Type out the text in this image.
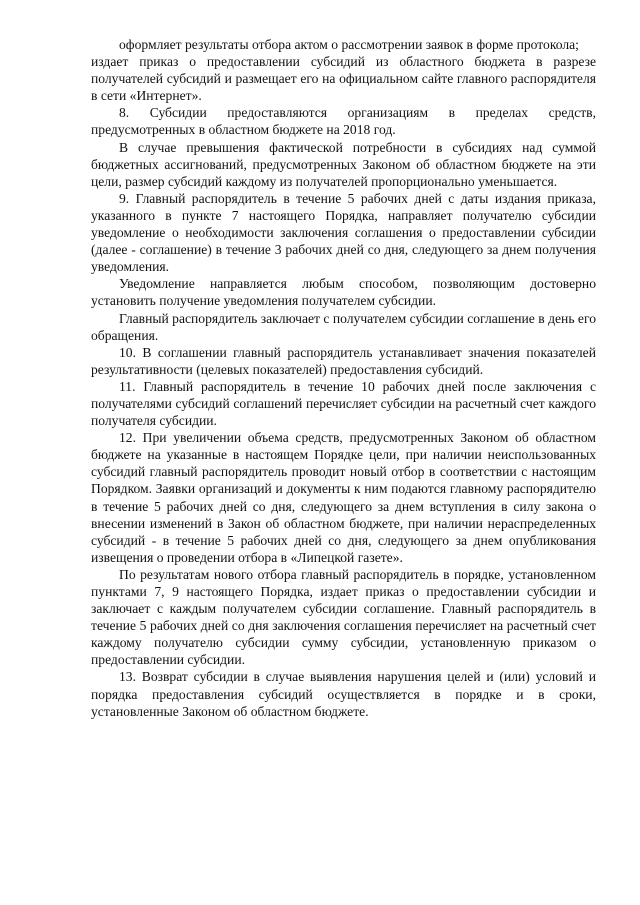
оформляет результаты отбора актом о рассмотрении заявок в форме протокола;

издает приказ о предоставлении субсидий из областного бюджета в разрезе получателей субсидий и размещает его на официальном сайте главного распорядителя в сети «Интернет».

8. Субсидии предоставляются организациям в пределах средств, предусмотренных в областном бюджете на 2018 год.

В случае превышения фактической потребности в субсидиях над суммой бюджетных ассигнований, предусмотренных Законом об областном бюджете на эти цели, размер субсидий каждому из получателей пропорционально уменьшается.

9. Главный распорядитель в течение 5 рабочих дней с даты издания приказа, указанного в пункте 7 настоящего Порядка, направляет получателю субсидии уведомление о необходимости заключения соглашения о предоставлении субсидии (далее - соглашение) в течение 3 рабочих дней со дня, следующего за днем получения уведомления.

Уведомление направляется любым способом, позволяющим достоверно установить получение уведомления получателем субсидии.

Главный распорядитель заключает с получателем субсидии соглашение в день его обращения.

10. В соглашении главный распорядитель устанавливает значения показателей результативности (целевых показателей) предоставления субсидий.

11. Главный распорядитель в течение 10 рабочих дней после заключения с получателями субсидий соглашений перечисляет субсидии на расчетный счет каждого получателя субсидии.

12. При увеличении объема средств, предусмотренных Законом об областном бюджете на указанные в настоящем Порядке цели, при наличии неиспользованных субсидий главный распорядитель проводит новый отбор в соответствии с настоящим Порядком. Заявки организаций и документы к ним подаются главному распорядителю в течение 5 рабочих дней со дня, следующего за днем вступления в силу закона о внесении изменений в Закон об областном бюджете, при наличии нераспределенных субсидий - в течение 5 рабочих дней со дня, следующего за днем опубликования извещения о проведении отбора в «Липецкой газете».

По результатам нового отбора главный распорядитель в порядке, установленном пунктами 7, 9 настоящего Порядка, издает приказ о предоставлении субсидии и заключает с каждым получателем субсидии соглашение. Главный распорядитель в течение 5 рабочих дней со дня заключения соглашения перечисляет на расчетный счет каждому получателю субсидии сумму субсидии, установленную приказом о предоставлении субсидии.

13. Возврат субсидии в случае выявления нарушения целей и (или) условий и порядка предоставления субсидий осуществляется в порядке и в сроки, установленные Законом об областном бюджете.
